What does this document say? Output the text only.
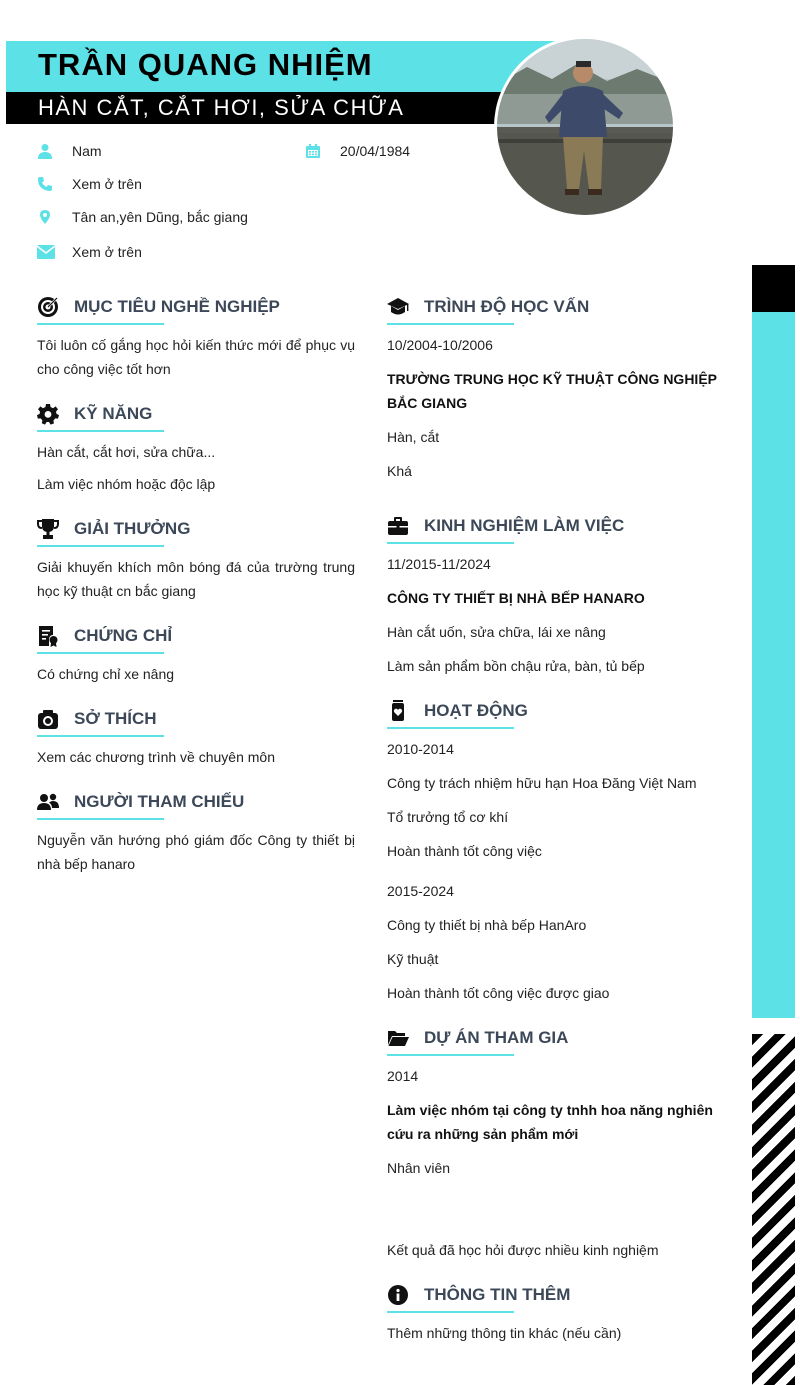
TRẦN QUANG NHIỆM
HÀN CẮT, CẮT HƠI, SỬA CHỮA
Nam	20/04/1984
Xem ở trên
Tân an,yên Dũng, bắc giang
Xem ở trên
MỤC TIÊU NGHỀ NGHIỆP
Tôi luôn cố gắng học hỏi kiến thức mới để phục vụ cho công việc tốt hơn
KỸ NĂNG
Hàn cắt, cắt hơi, sửa chữa...
Làm việc nhóm hoặc độc lập
GIẢI THƯỞNG
Giải khuyến khích môn bóng đá của trường trung học kỹ thuật cn bắc giang
CHỨNG CHỈ
Có chứng chỉ xe nâng
SỞ THÍCH
Xem các chương trình về chuyên môn
NGƯỜI THAM CHIẾU
Nguyễn văn hướng phó giám đốc Công ty thiết bị nhà bếp hanaro
TRÌNH ĐỘ HỌC VẤN
10/2004-10/2006
TRƯỜNG TRUNG HỌC KỸ THUẬT CÔNG NGHIỆP BẮC GIANG
Hàn, cắt
Khá
KINH NGHIỆM LÀM VIỆC
11/2015-11/2024
CÔNG TY THIẾT BỊ NHÀ BẾP HANARO
Hàn cắt uốn, sửa chữa, lái xe nâng
Làm sản phẩm bồn chậu rửa, bàn, tủ bếp
HOẠT ĐỘNG
2010-2014
Công ty trách nhiệm hữu hạn Hoa Đăng Việt Nam
Tổ trưởng tổ cơ khí
Hoàn thành tốt công việc
2015-2024
Công ty thiết bị nhà bếp HanAro
Kỹ thuật
Hoàn thành tốt công việc được giao
DỰ ÁN THAM GIA
2014
Làm việc nhóm tại công ty tnhh hoa năng nghiên cứu ra những sản phẩm mới
Nhân viên
Kết quả đã học hỏi được nhiều kinh nghiệm
THÔNG TIN THÊM
Thêm những thông tin khác (nếu cần)
